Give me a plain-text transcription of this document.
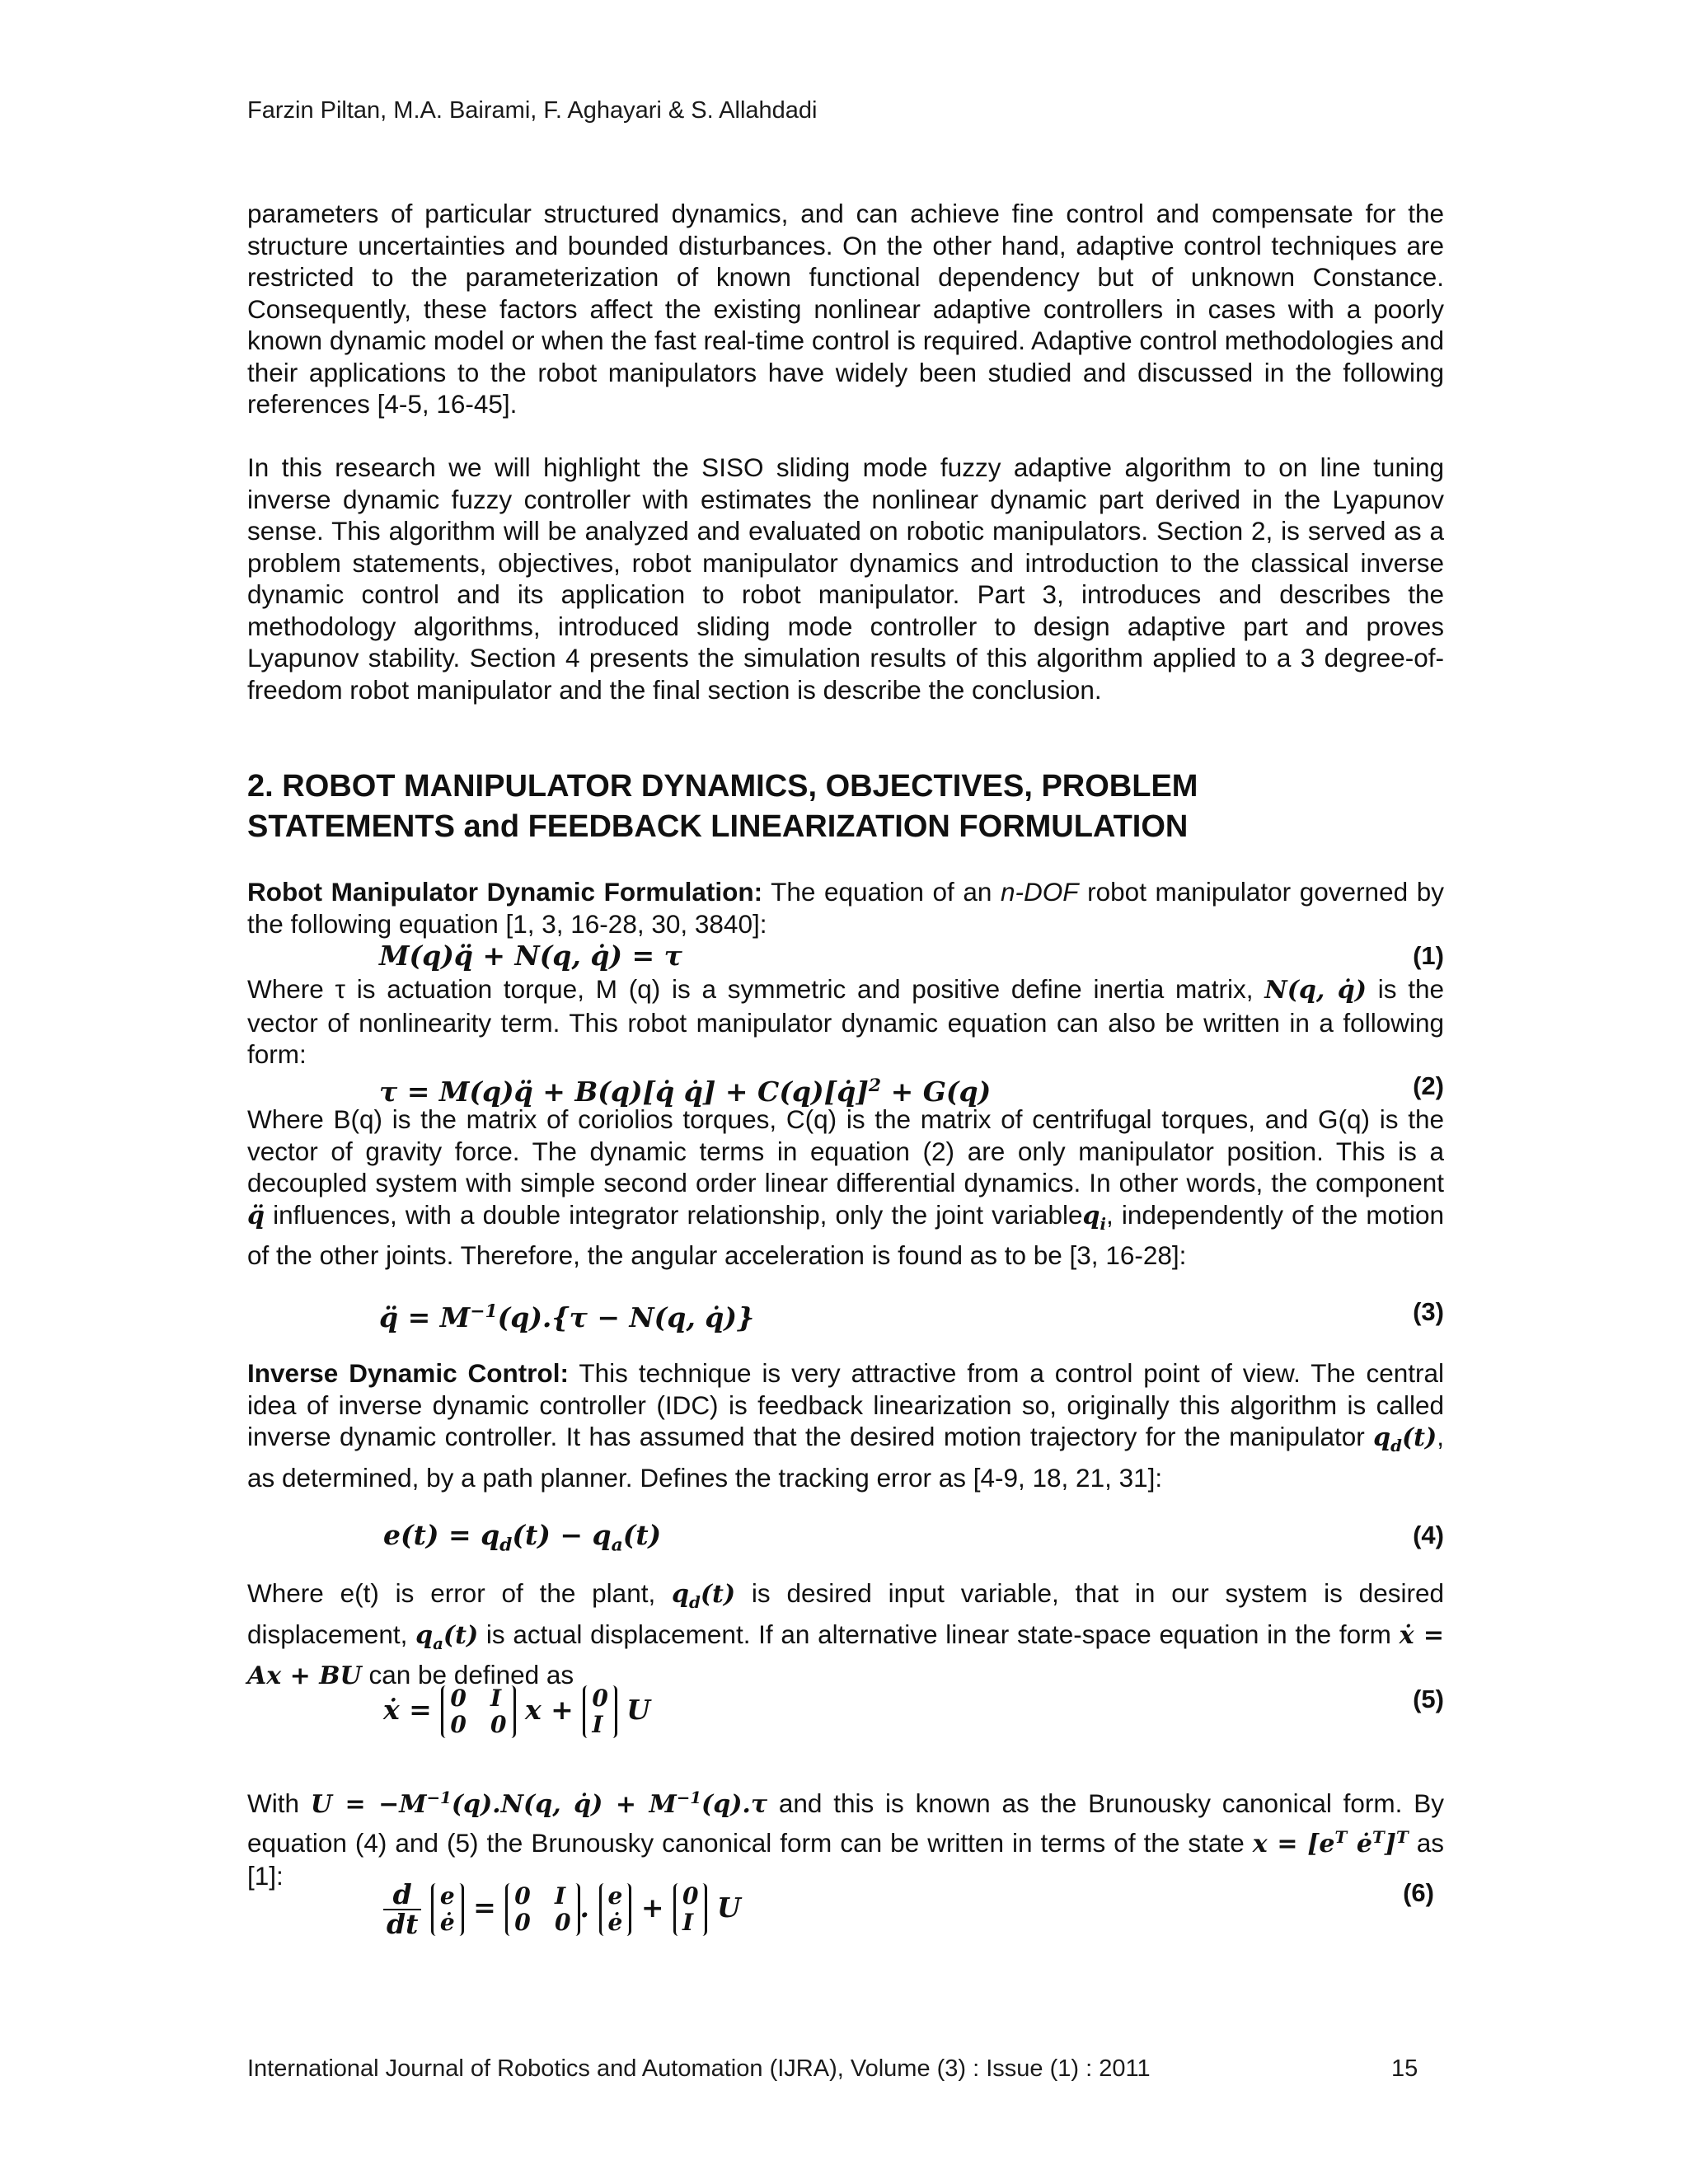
Farzin Piltan, M.A. Bairami, F. Aghayari & S. Allahdadi
parameters of particular structured dynamics, and can achieve fine control and compensate for the structure uncertainties and bounded disturbances. On the other hand, adaptive control techniques are restricted to the parameterization of known functional dependency but of unknown Constance. Consequently, these factors affect the existing nonlinear adaptive controllers in cases with a poorly known dynamic model or when the fast real-time control is required. Adaptive control methodologies and their applications to the robot manipulators have widely been studied and discussed in the following references [4-5, 16-45].
In this research we will highlight the SISO sliding mode fuzzy adaptive algorithm to on line tuning inverse dynamic fuzzy controller with estimates the nonlinear dynamic part derived in the Lyapunov sense. This algorithm will be analyzed and evaluated on robotic manipulators. Section 2, is served as a problem statements, objectives, robot manipulator dynamics and introduction to the classical inverse dynamic control and its application to robot manipulator. Part 3, introduces and describes the methodology algorithms, introduced sliding mode controller to design adaptive part and proves Lyapunov stability. Section 4 presents the simulation results of this algorithm applied to a 3 degree-of-freedom robot manipulator and the final section is describe the conclusion.
2. ROBOT MANIPULATOR DYNAMICS, OBJECTIVES, PROBLEM
STATEMENTS and FEEDBACK LINEARIZATION FORMULATION
Robot Manipulator Dynamic Formulation: The equation of an n-DOF robot manipulator governed by the following equation [1, 3, 16-28, 30, 3840]:
M(q)q̈ + N(q, q̇) = τ	(1)
Where τ is actuation torque, M (q) is a symmetric and positive define inertia matrix, N(q, q̇) is the vector of nonlinearity term. This robot manipulator dynamic equation can also be written in a following form:
τ = M(q)q̈ + B(q)[q̇ q̇] + C(q)[q̇]$^2$ + G(q)	(2)
Where B(q) is the matrix of coriolios torques, C(q) is the matrix of centrifugal torques, and G(q) is the vector of gravity force. The dynamic terms in equation (2) are only manipulator position. This is a decoupled system with simple second order linear differential dynamics. In other words, the component q̈ influences, with a double integrator relationship, only the joint variableq$_i$, independently of the motion of the other joints. Therefore, the angular acceleration is found as to be [3, 16-28]:
q̈ = $M^{-1}(q).\{\tau - N(q$, q̇)}	(3)
Inverse Dynamic Control: This technique is very attractive from a control point of view. The central idea of inverse dynamic controller (IDC) is feedback linearization so, originally this algorithm is called inverse dynamic controller. It has assumed that the desired motion trajectory for the manipulator $q_d(t)$, as determined, by a path planner. Defines the tracking error as [4-9, 18, 21, 31]:
$e(t) = q_d(t) - q_a(t)$	(4)
Where e(t) is error of the plant, $q_d(t)$ is desired input variable, that in our system is desired displacement, $q_a(t)$ is actual displacement. If an alternative linear state-space equation in the form ẋ = Ax + BU can be defined as
ẋ = 0   I
0   0 x + 0
I U	(5)
With $U = -M^{-1}(q).N(q$, q̇) + $M^{-1}(q).\tau$ and this is known as the Brunousky canonical form. By equation (4) and (5) the Brunousky canonical form can be written in terms of the state $x = [e^T$ $ė^T]^T$ as [1]:
$\frac{d}{dt}$
e
ė = 0   I
0   0 . e
ė + 0
I U	(6)
International Journal of Robotics and Automation (IJRA), Volume (3) : Issue (1) : 2011	15
